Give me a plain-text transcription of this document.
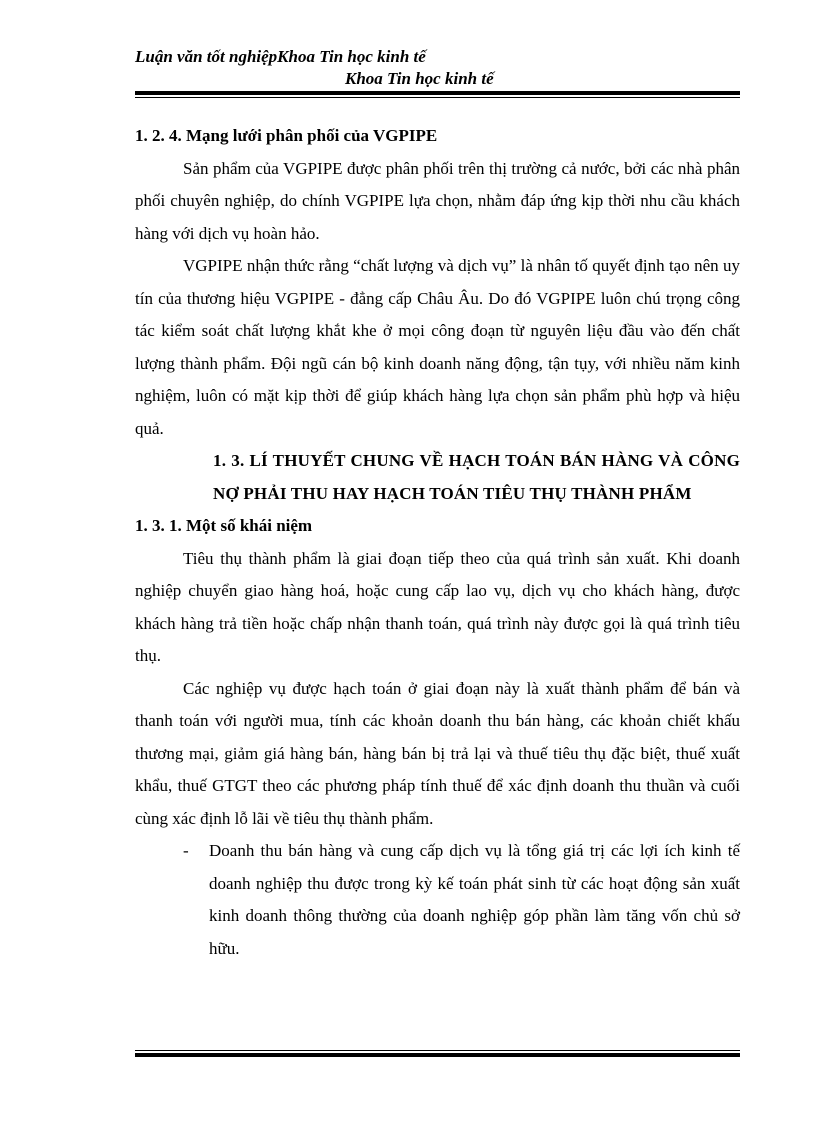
Luận văn tốt nghiệpKhoa Tin học kinh tế
Khoa Tin học kinh tế

1. 2. 4. Mạng lưới phân phối của VGPIPE

Sản phẩm của VGPIPE được phân phối trên thị trường cả nước, bởi các nhà phân phối chuyên nghiệp, do chính VGPIPE lựa chọn, nhằm đáp ứng kịp thời nhu cầu khách hàng với dịch vụ hoàn hảo.

VGPIPE nhận thức rằng “chất lượng và dịch vụ” là nhân tố quyết định tạo nên uy tín của thương hiệu VGPIPE - đẳng cấp Châu Âu. Do đó VGPIPE luôn chú trọng công tác kiểm soát chất lượng khắt khe ở mọi công đoạn từ nguyên liệu đầu vào đến chất lượng thành phẩm. Đội ngũ cán bộ kinh doanh năng động, tận tụy, với nhiều năm kinh nghiệm, luôn có mặt kịp thời để giúp khách hàng lựa chọn sản phẩm phù hợp và hiệu quả.

1. 3. LÍ THUYẾT CHUNG VỀ HẠCH TOÁN BÁN HÀNG VÀ CÔNG NỢ PHẢI THU HAY HẠCH TOÁN TIÊU THỤ THÀNH PHẨM

1. 3. 1. Một số khái niệm

Tiêu thụ thành phẩm là giai đoạn tiếp theo của quá trình sản xuất. Khi doanh nghiệp chuyển giao hàng hoá, hoặc cung cấp lao vụ, dịch vụ cho khách hàng, được khách hàng trả tiền hoặc chấp nhận thanh toán, quá trình này được gọi là quá trình tiêu thụ.

Các nghiệp vụ được hạch toán ở giai đoạn này là xuất thành phẩm để bán và thanh toán với người mua, tính các khoản doanh thu bán hàng, các khoản chiết khấu thương mại, giảm giá hàng bán, hàng bán bị trả lại và thuế tiêu thụ đặc biệt, thuế xuất khẩu, thuế GTGT theo các phương pháp tính thuế để xác định doanh thu thuần và cuối cùng xác định lỗ lãi về tiêu thụ thành phẩm.

-	Doanh thu bán hàng và cung cấp dịch vụ là tổng giá trị các lợi ích kinh tế doanh nghiệp thu được trong kỳ kế toán phát sinh từ các hoạt động sản xuất kinh doanh thông thường của doanh nghiệp góp phần làm tăng vốn chủ sở hữu.
